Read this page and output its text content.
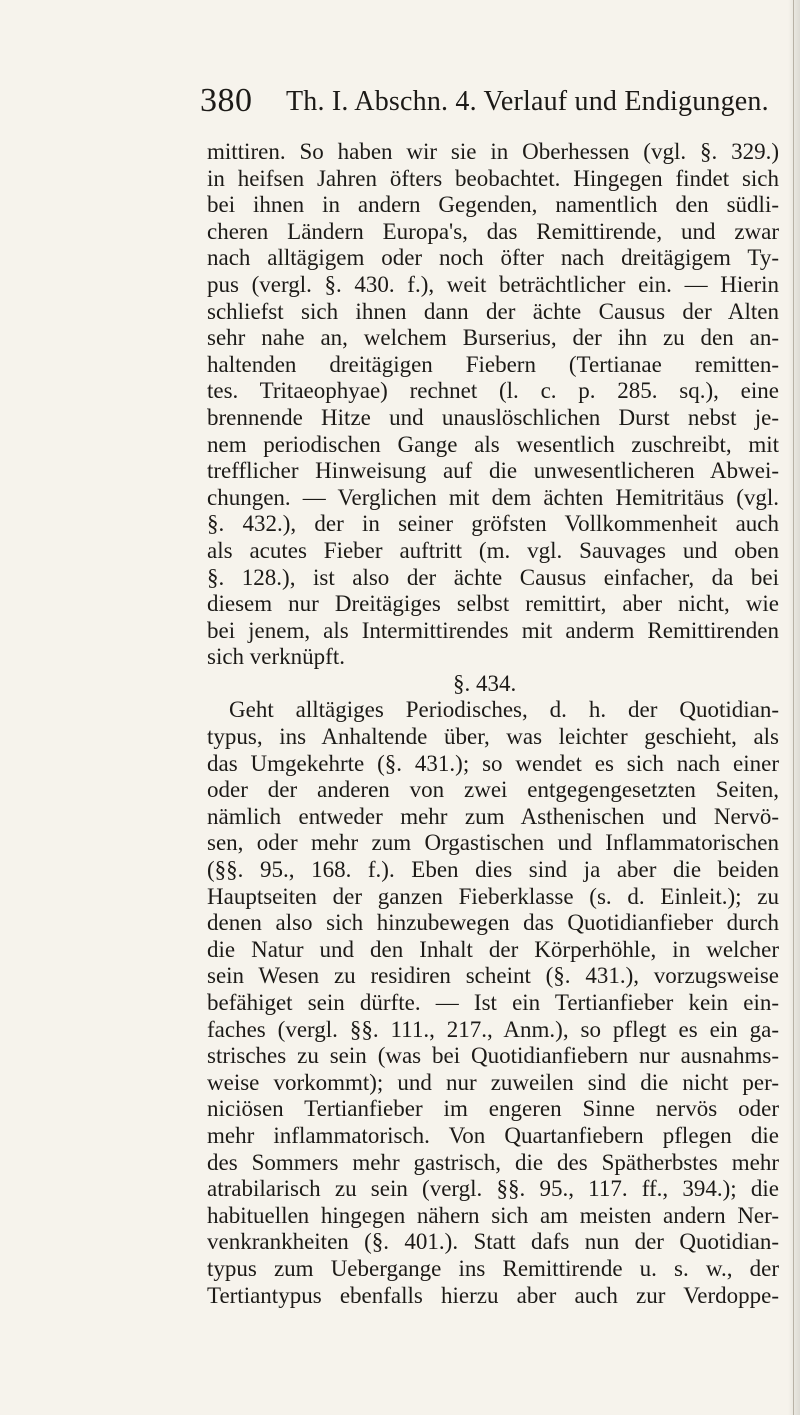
380 Th. I. Abschn. 4. Verlauf und Endigungen.
mittiren. So haben wir sie in Oberhessen (vgl. §. 329.)
in heifsen Jahren öfters beobachtet. Hingegen findet sich
bei ihnen in andern Gegenden, namentlich den südli-
cheren Ländern Europa's, das Remittirende, und zwar
nach alltägigem oder noch öfter nach dreitägigem Ty-
pus (vergl. §. 430. f.), weit beträchtlicher ein. — Hierin
schliefst sich ihnen dann der ächte Causus der Alten
sehr nahe an, welchem Burserius, der ihn zu den an-
haltenden dreitägigen Fiebern (Tertianae remitten-
tes. Tritaeophyae) rechnet (l. c. p. 285. sq.), eine
brennende Hitze und unauslöschlichen Durst nebst je-
nem periodischen Gange als wesentlich zuschreibt, mit
trefflicher Hinweisung auf die unwesentlicheren Abwei-
chungen. — Verglichen mit dem ächten Hemitritäus (vgl.
§. 432.), der in seiner gröfsten Vollkommenheit auch
als acutes Fieber auftritt (m. vgl. Sauvages und oben
§. 128.), ist also der ächte Causus einfacher, da bei
diesem nur Dreitägiges selbst remittirt, aber nicht, wie
bei jenem, als Intermittirendes mit anderm Remittirenden
sich verknüpft.
§. 434.
Geht alltägiges Periodisches, d. h. der Quotidian-
typus, ins Anhaltende über, was leichter geschieht, als
das Umgekehrte (§. 431.); so wendet es sich nach einer
oder der anderen von zwei entgegengesetzten Seiten,
nämlich entweder mehr zum Asthenischen und Nervö-
sen, oder mehr zum Orgastischen und Inflammatorischen
(§§. 95., 168. f.). Eben dies sind ja aber die beiden
Hauptseiten der ganzen Fieberklasse (s. d. Einleit.); zu
denen also sich hinzubewegen das Quotidianfieber durch
die Natur und den Inhalt der Körperhöhle, in welcher
sein Wesen zu residiren scheint (§. 431.), vorzugsweise
befähiget sein dürfte. — Ist ein Tertianfieber kein ein-
faches (vergl. §§. 111., 217., Anm.), so pflegt es ein ga-
strisches zu sein (was bei Quotidianfiebern nur ausnahms-
weise vorkommt); und nur zuweilen sind die nicht per-
niciösen Tertianfieber im engeren Sinne nervös oder
mehr inflammatorisch. Von Quartanfiebern pflegen die
des Sommers mehr gastrisch, die des Spätherbstes mehr
atrabilarisch zu sein (vergl. §§. 95., 117. ff., 394.); die
habituellen hingegen nähern sich am meisten andern Ner-
venkrankheiten (§. 401.). Statt dafs nun der Quotidian-
typus zum Uebergange ins Remittirende u. s. w., der
Tertiantypus ebenfalls hierzu aber auch zur Verdoppe-
